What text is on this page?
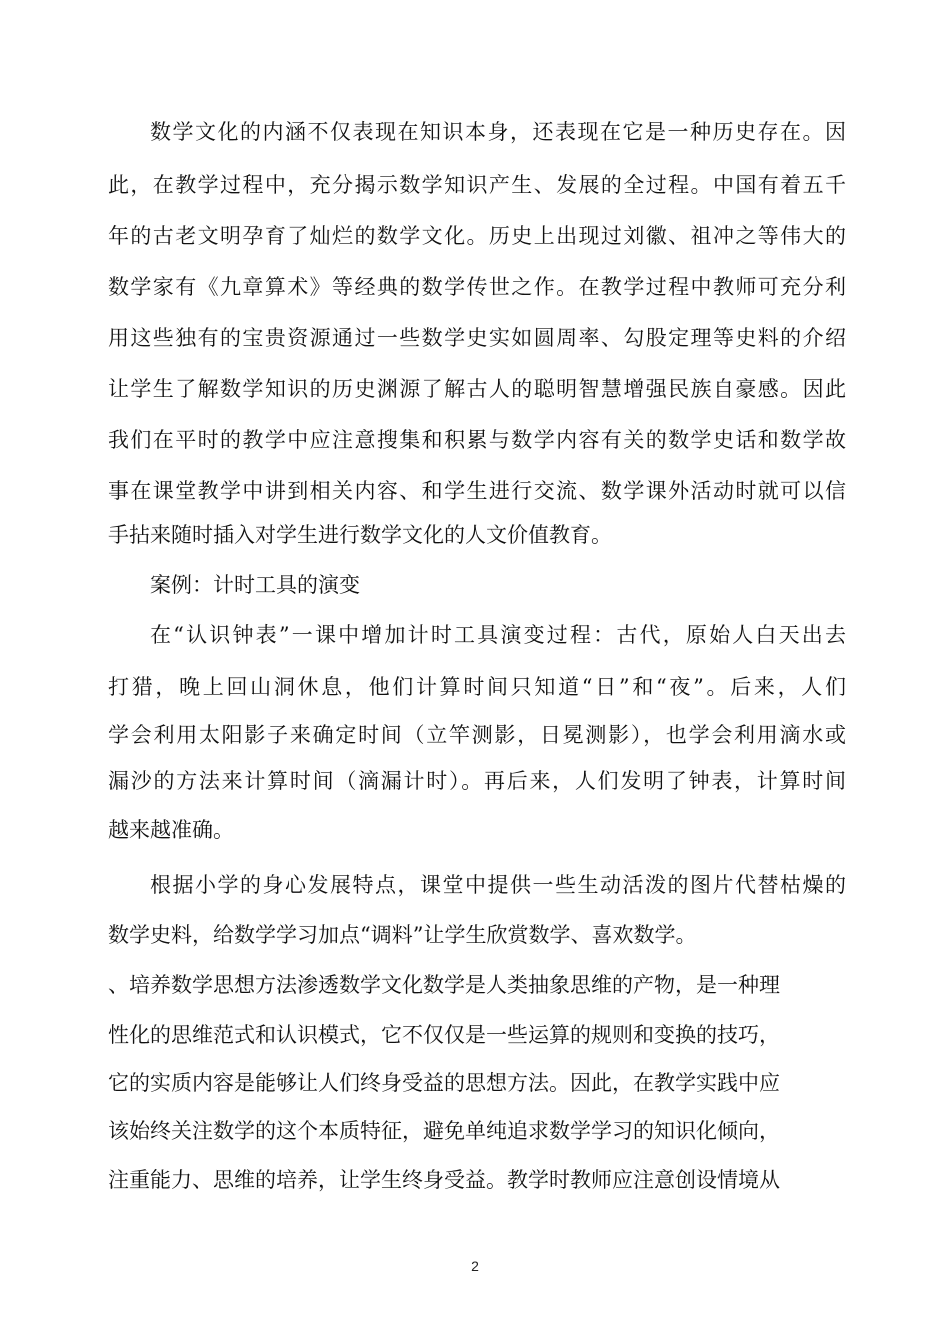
数学文化的内涵不仅表现在知识本身，还表现在它是一种历史存在。因
此，在教学过程中，充分揭示数学知识产生、发展的全过程。中国有着五千
年的古老文明孕育了灿烂的数学文化。历史上出现过刘徽、祖冲之等伟大的
数学家有《九章算术》等经典的数学传世之作。在教学过程中教师可充分利
用这些独有的宝贵资源通过一些数学史实如圆周率、勾股定理等史料的介绍
让学生了解数学知识的历史渊源了解古人的聪明智慧增强民族自豪感。因此
我们在平时的教学中应注意搜集和积累与数学内容有关的数学史话和数学故
事在课堂教学中讲到相关内容、和学生进行交流、数学课外活动时就可以信
手拈来随时插入对学生进行数学文化的人文价值教育。
案例：计时工具的演变
在“认识钟表”一课中增加计时工具演变过程：古代，原始人白天出去
打猎，晚上回山洞休息，他们计算时间只知道“日”和“夜”。后来，人们
学会利用太阳影子来确定时间（立竿测影，日冕测影），也学会利用滴水或
漏沙的方法来计算时间（滴漏计时）。再后来，人们发明了钟表，计算时间
越来越准确。
根据小学的身心发展特点，课堂中提供一些生动活泼的图片代替枯燥的
数学史料，给数学学习加点“调料”让学生欣赏数学、喜欢数学。
、培养数学思想方法渗透数学文化数学是人类抽象思维的产物，是一种理
性化的思维范式和认识模式，它不仅仅是一些运算的规则和变换的技巧，
它的实质内容是能够让人们终身受益的思想方法。因此，在教学实践中应
该始终关注数学的这个本质特征，避免单纯追求数学学习的知识化倾向，
注重能力、思维的培养，让学生终身受益。教学时教师应注意创设情境从
2
